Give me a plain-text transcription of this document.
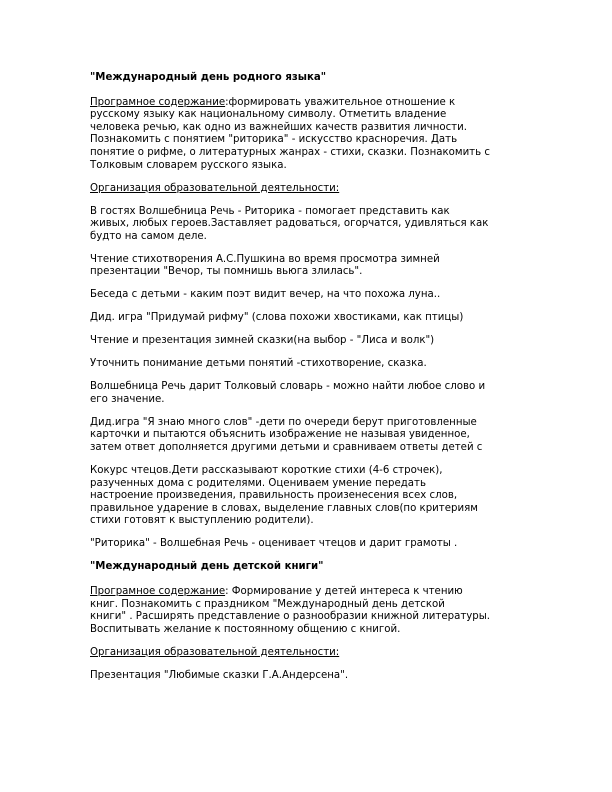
"Международный день родного языка"

Програмное содержание:формировать уважительное отношение к
русскому языку как национальному символу. Отметить владение
человека речью, как одно из важнейших качеств развития личности.
Познакомить с понятием "риторика" - искусство красноречия. Дать
понятие о рифме, о литературных жанрах - стихи, сказки. Познакомить с
Толковым словарем русского языка.

Организация образовательной деятельности:

В гостях Волшебница Речь - Риторика - помогает представить как
живых, любых героев.Заставляет радоваться, огорчатся, удивляться как
будто на самом деле.

Чтение стихотворения А.С.Пушкина во время просмотра зимней
презентации "Вечор, ты помнишь вьюга злилась".

Беседа с детьми - каким поэт видит вечер, на что похожа луна..

Дид. игра "Придумай рифму" (слова похожи хвостиками, как птицы)

Чтение и презентация зимней сказки(на выбор - "Лиса и волк")

Уточнить понимание детьми понятий -стихотворение, сказка.

Волшебница Речь дарит Толковый словарь - можно найти любое слово и
его значение.

Дид.игра "Я знаю много слов" -дети по очереди берут приготовленные
карточки и пытаются объяснить изображение не называя увиденное,
затем ответ дополняется другими детьми и сравниваем ответы детей с

Кокурс чтецов.Дети рассказывают короткие стихи (4-6 строчек),
разученных дома с родителями. Оцениваем умение передать
настроение произведения, правильность произенесения всех слов,
правильное ударение в словах, выделение главных слов(по критериям
стихи готовят к выступлению родители).

"Риторика" - Волшебная Речь - оценивает чтецов и дарит грамоты .

"Международный день детской книги"

Програмное содержание: Формирование у детей интереса к чтению
книг. Познакомить с праздником "Международный день детской
книги" . Расширять представление о разнообразии книжной литературы.
Воспитывать желание к постоянному общению с книгой.

Организация образовательной деятельности:

Презентация "Любимые сказки Г.А.Андерсена".
